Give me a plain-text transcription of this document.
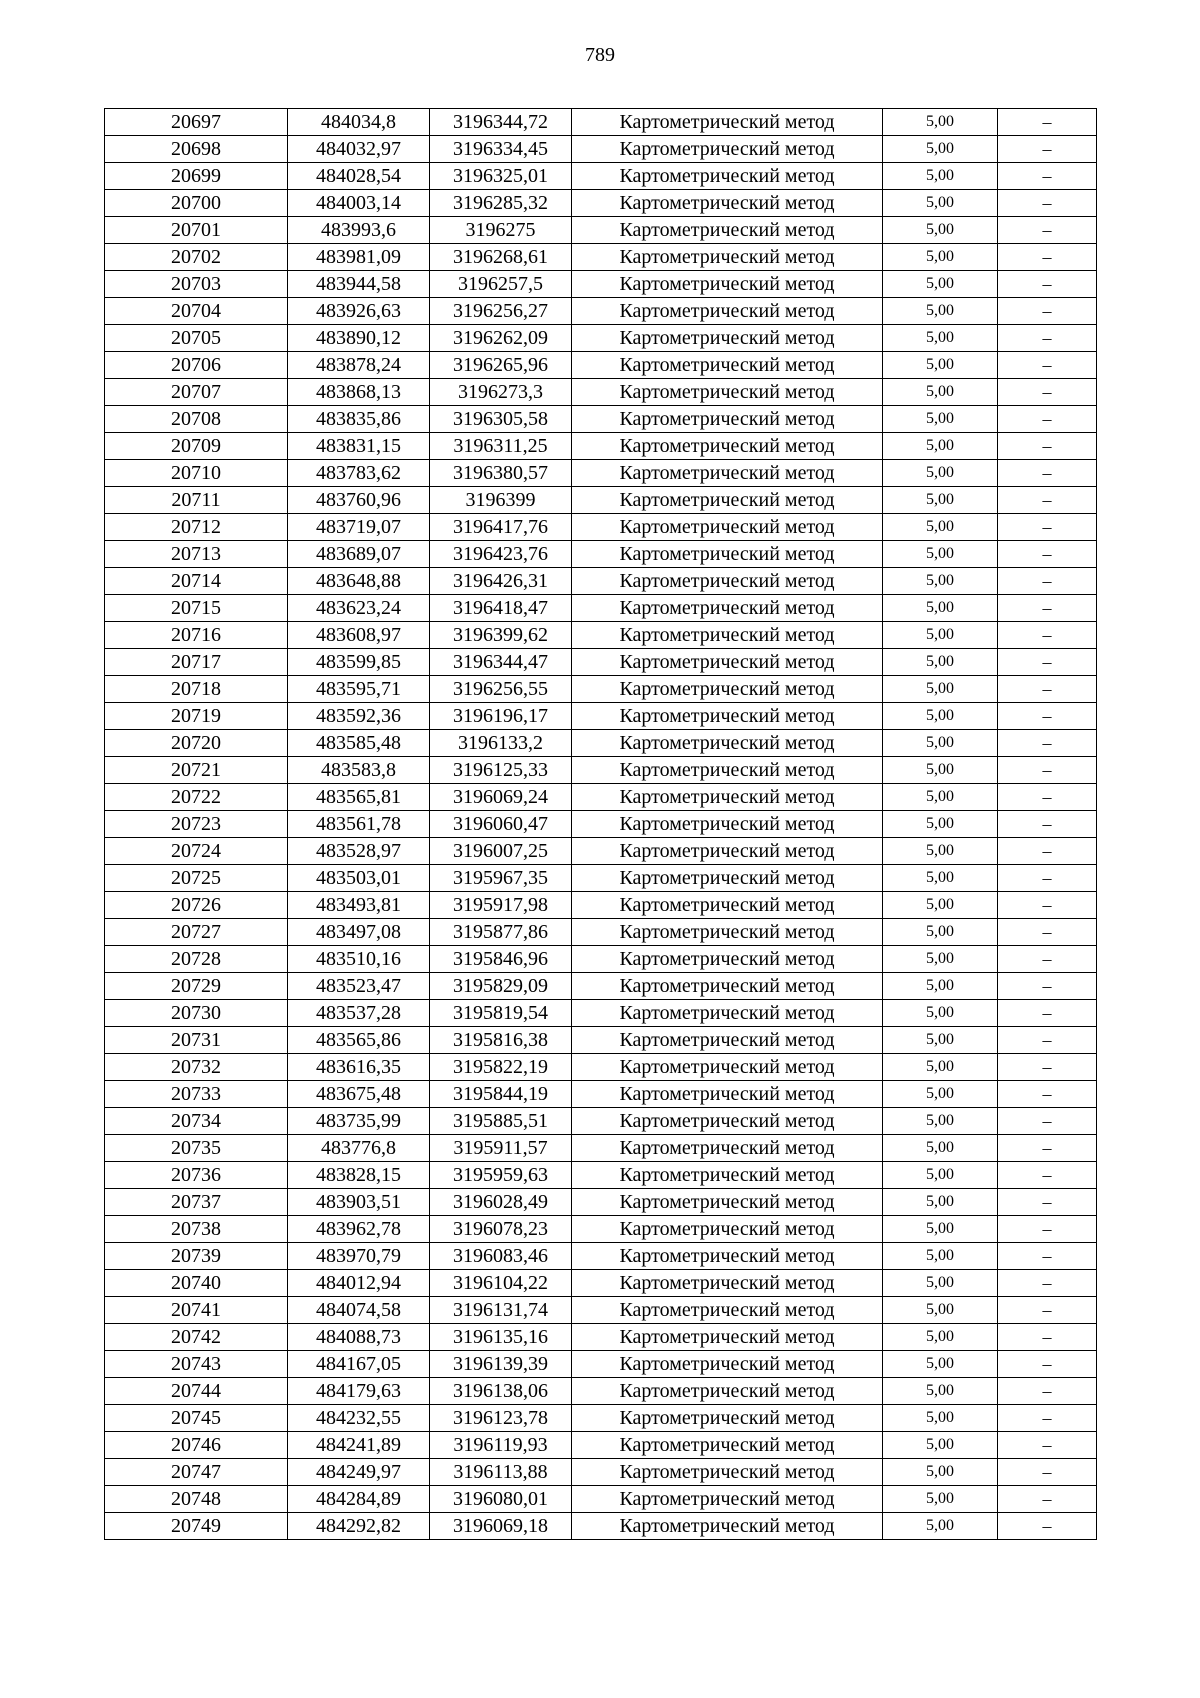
789
20697	484034,8	3196344,72	Картометрический метод	5,00	–
20698	484032,97	3196334,45	Картометрический метод	5,00	–
20699	484028,54	3196325,01	Картометрический метод	5,00	–
20700	484003,14	3196285,32	Картометрический метод	5,00	–
20701	483993,6	3196275	Картометрический метод	5,00	–
20702	483981,09	3196268,61	Картометрический метод	5,00	–
20703	483944,58	3196257,5	Картометрический метод	5,00	–
20704	483926,63	3196256,27	Картометрический метод	5,00	–
20705	483890,12	3196262,09	Картометрический метод	5,00	–
20706	483878,24	3196265,96	Картометрический метод	5,00	–
20707	483868,13	3196273,3	Картометрический метод	5,00	–
20708	483835,86	3196305,58	Картометрический метод	5,00	–
20709	483831,15	3196311,25	Картометрический метод	5,00	–
20710	483783,62	3196380,57	Картометрический метод	5,00	–
20711	483760,96	3196399	Картометрический метод	5,00	–
20712	483719,07	3196417,76	Картометрический метод	5,00	–
20713	483689,07	3196423,76	Картометрический метод	5,00	–
20714	483648,88	3196426,31	Картометрический метод	5,00	–
20715	483623,24	3196418,47	Картометрический метод	5,00	–
20716	483608,97	3196399,62	Картометрический метод	5,00	–
20717	483599,85	3196344,47	Картометрический метод	5,00	–
20718	483595,71	3196256,55	Картометрический метод	5,00	–
20719	483592,36	3196196,17	Картометрический метод	5,00	–
20720	483585,48	3196133,2	Картометрический метод	5,00	–
20721	483583,8	3196125,33	Картометрический метод	5,00	–
20722	483565,81	3196069,24	Картометрический метод	5,00	–
20723	483561,78	3196060,47	Картометрический метод	5,00	–
20724	483528,97	3196007,25	Картометрический метод	5,00	–
20725	483503,01	3195967,35	Картометрический метод	5,00	–
20726	483493,81	3195917,98	Картометрический метод	5,00	–
20727	483497,08	3195877,86	Картометрический метод	5,00	–
20728	483510,16	3195846,96	Картометрический метод	5,00	–
20729	483523,47	3195829,09	Картометрический метод	5,00	–
20730	483537,28	3195819,54	Картометрический метод	5,00	–
20731	483565,86	3195816,38	Картометрический метод	5,00	–
20732	483616,35	3195822,19	Картометрический метод	5,00	–
20733	483675,48	3195844,19	Картометрический метод	5,00	–
20734	483735,99	3195885,51	Картометрический метод	5,00	–
20735	483776,8	3195911,57	Картометрический метод	5,00	–
20736	483828,15	3195959,63	Картометрический метод	5,00	–
20737	483903,51	3196028,49	Картометрический метод	5,00	–
20738	483962,78	3196078,23	Картометрический метод	5,00	–
20739	483970,79	3196083,46	Картометрический метод	5,00	–
20740	484012,94	3196104,22	Картометрический метод	5,00	–
20741	484074,58	3196131,74	Картометрический метод	5,00	–
20742	484088,73	3196135,16	Картометрический метод	5,00	–
20743	484167,05	3196139,39	Картометрический метод	5,00	–
20744	484179,63	3196138,06	Картометрический метод	5,00	–
20745	484232,55	3196123,78	Картометрический метод	5,00	–
20746	484241,89	3196119,93	Картометрический метод	5,00	–
20747	484249,97	3196113,88	Картометрический метод	5,00	–
20748	484284,89	3196080,01	Картометрический метод	5,00	–
20749	484292,82	3196069,18	Картометрический метод	5,00	–
